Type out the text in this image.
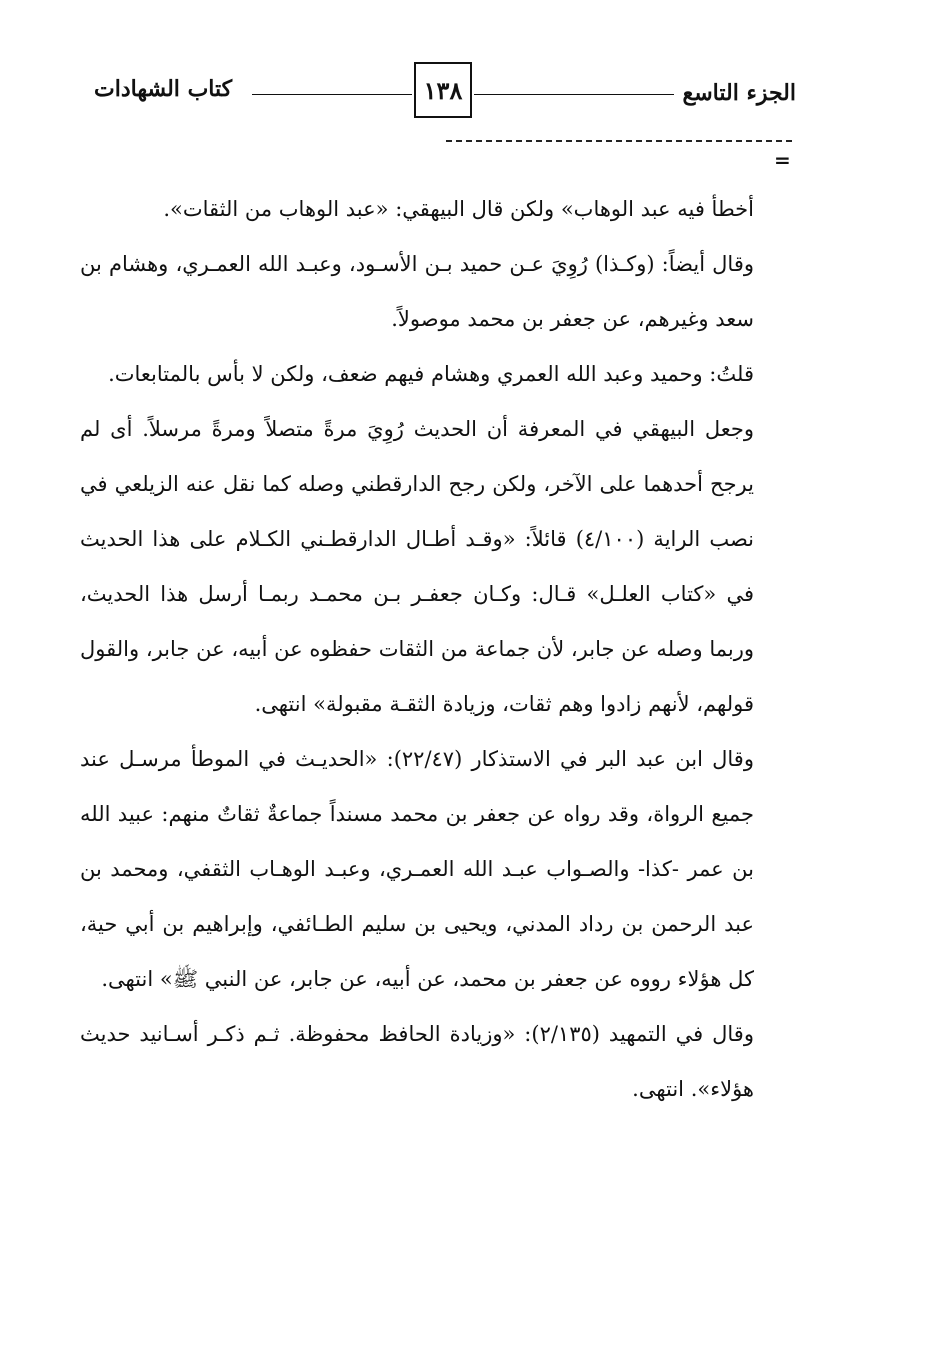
الجزء التاسع
١٣٨
كتاب الشهادات
=

أخطأ فيه عبد الوهاب» ولكن قال البيهقي: «عبد الوهاب من الثقات».

وقال أيضاً: (وكـذا) رُوِيَ عـن حميد بـن الأسـود، وعبـد الله العمـري، وهشام بن سعد وغيرهم، عن جعفر بن محمد موصولاً.

قلتُ: وحميد وعبد الله العمري وهشام فيهم ضعف، ولكن لا بأس بالمتابعات.

وجعل البيهقي في المعرفة أن الحديث رُوِيَ مرةً متصلاً ومرةً مرسلاً. أى لم يرجح أحدهما على الآخر، ولكن رجح الدارقطني وصله كما نقل عنه الزيلعي في نصب الراية (٤/١٠٠) قائلاً: «وقـد أطـال الدارقطـني الكـلام على هذا الحديث في «كتاب العلـل» قـال: وكـان جعفـر بـن محمـد ربمـا أرسل هذا الحديث، وربما وصله عن جابر، لأن جماعة من الثقات حفظوه عن أبيه، عن جابر، والقول قولهم، لأنهم زادوا وهم ثقات، وزيادة الثقـة مقبولة» انتهى.

وقال ابن عبد البر في الاستذكار (٢٢/٤٧): «الحديـث في الموطأ مرسـل عند جميع الرواة، وقد رواه عن جعفر بن محمد مسنداً جماعةٌ ثقاتٌ منهم: عبيد الله بن عمر -كذا- والصـواب عبـد الله العمـري، وعبـد الوهـاب الثقفي، ومحمد بن عبد الرحمن بن رداد المدني، ويحيى بن سليم الطـائفي، وإبراهيم بن أبي حية، كل هؤلاء رووه عن جعفر بن محمد، عن أبيه، عن جابر، عن النبي ﷺ» انتهى.

وقال في التمهيد (٢/١٣٥): «وزيادة الحافظ محفوظة. ثـم ذكـر أسـانيد حديث هؤلاء». انتهى.
